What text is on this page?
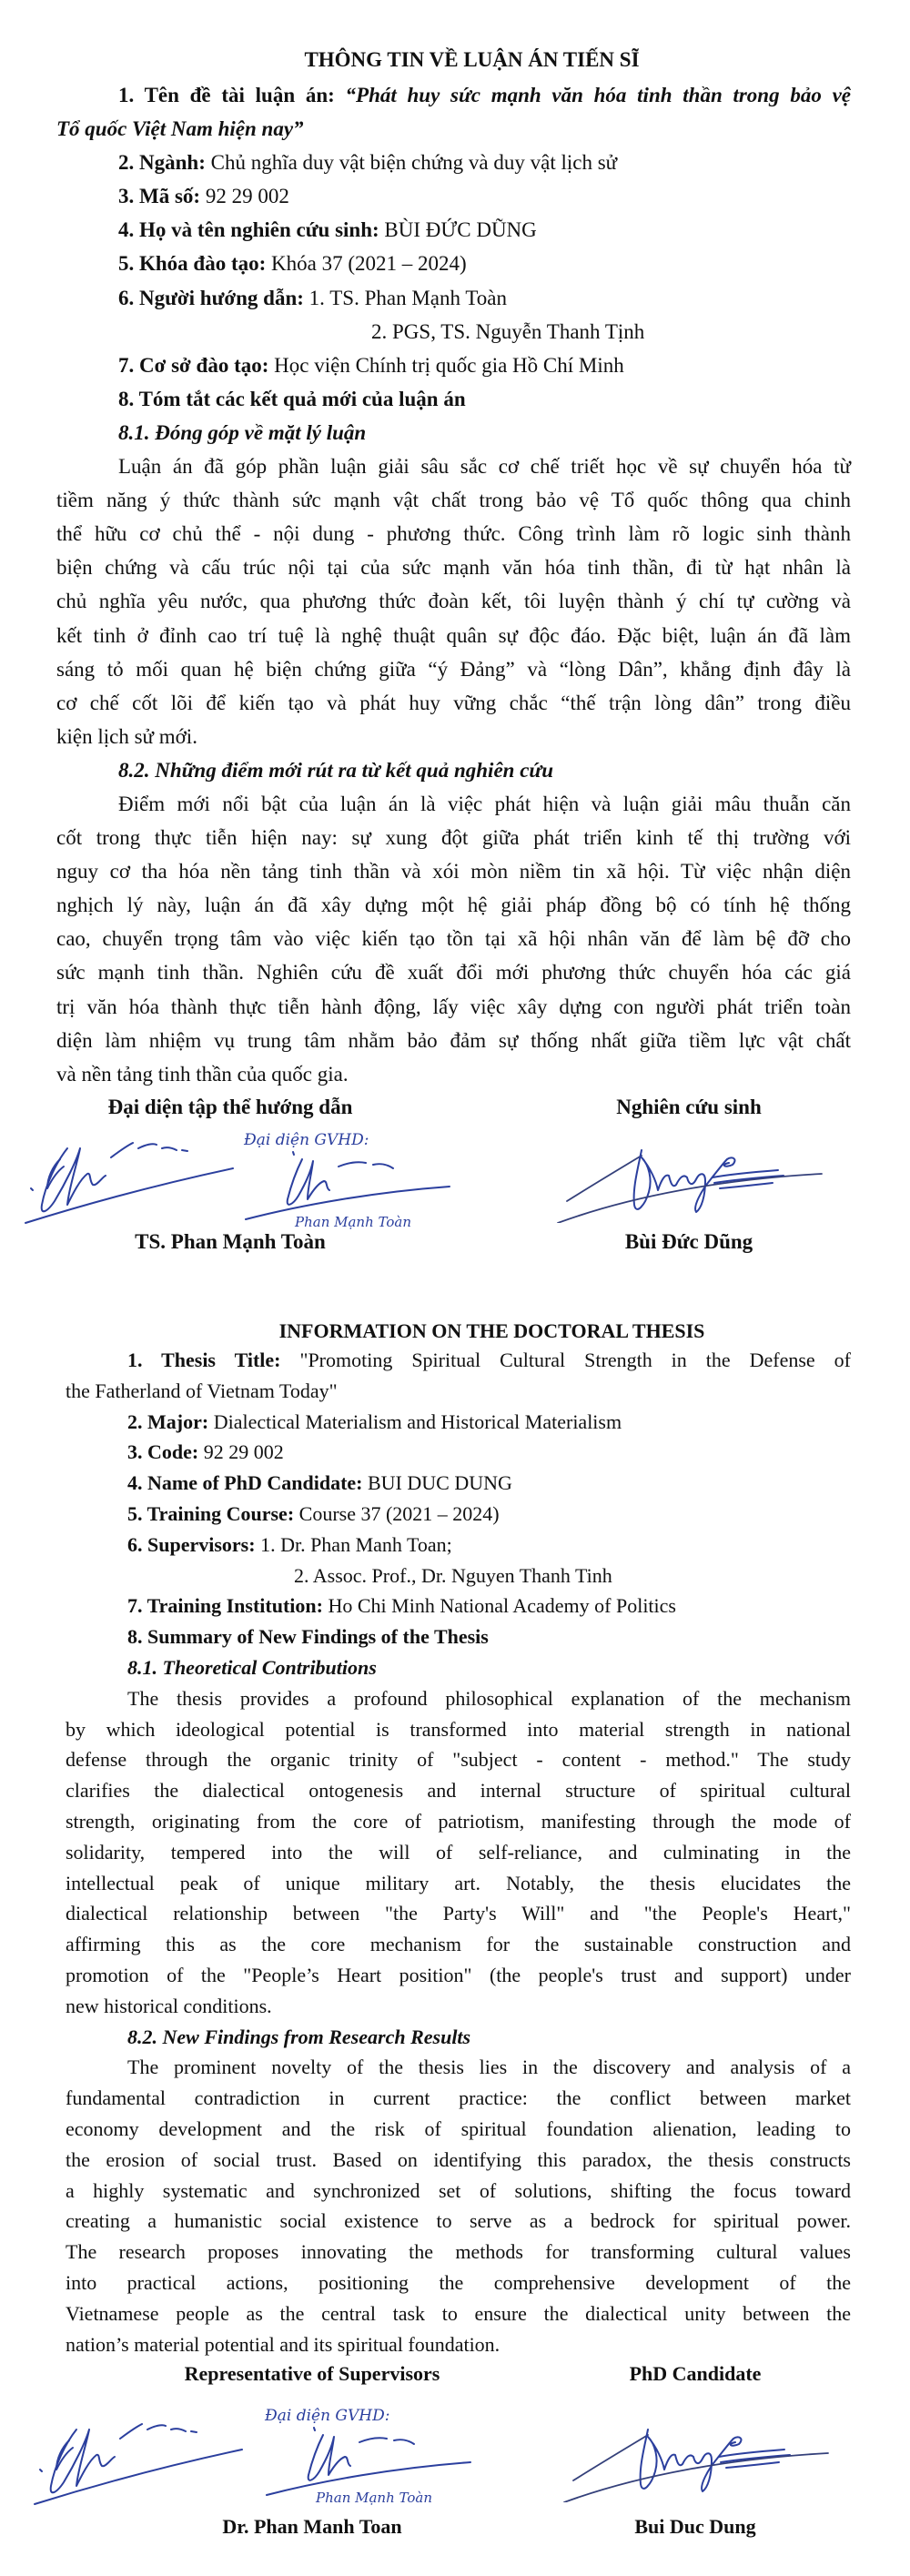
THÔNG TIN VỀ LUẬN ÁN TIẾN SĨ
1. Tên đề tài luận án: “Phát huy sức mạnh văn hóa tinh thần trong bảo vệ
Tổ quốc Việt Nam hiện nay”
2. Ngành: Chủ nghĩa duy vật biện chứng và duy vật lịch sử
3. Mã số: 92 29 002
4. Họ và tên nghiên cứu sinh: BÙI ĐỨC DŨNG
5. Khóa đào tạo: Khóa 37 (2021 – 2024)
6. Người hướng dẫn: 1. TS. Phan Mạnh Toàn
2. PGS, TS. Nguyễn Thanh Tịnh
7. Cơ sở đào tạo: Học viện Chính trị quốc gia Hồ Chí Minh
8. Tóm tắt các kết quả mới của luận án
8.1. Đóng góp về mặt lý luận
Luận án đã góp phần luận giải sâu sắc cơ chế triết học về sự chuyển hóa từ
tiềm năng ý thức thành sức mạnh vật chất trong bảo vệ Tổ quốc thông qua chinh
thể hữu cơ chủ thể - nội dung - phương thức. Công trình làm rõ logic sinh thành
biện chứng và cấu trúc nội tại của sức mạnh văn hóa tinh thần, đi từ hạt nhân là
chủ nghĩa yêu nước, qua phương thức đoàn kết, tôi luyện thành ý chí tự cường và
kết tinh ở đỉnh cao trí tuệ là nghệ thuật quân sự độc đáo. Đặc biệt, luận án đã làm
sáng tỏ mối quan hệ biện chứng giữa “ý Đảng” và “lòng Dân”, khẳng định đây là
cơ chế cốt lõi để kiến tạo và phát huy vững chắc “thế trận lòng dân” trong điều
kiện lịch sử mới.
8.2. Những điểm mới rút ra từ kết quả nghiên cứu
Điểm mới nổi bật của luận án là việc phát hiện và luận giải mâu thuẫn căn
cốt trong thực tiễn hiện nay: sự xung đột giữa phát triển kinh tế thị trường với
nguy cơ tha hóa nền tảng tinh thần và xói mòn niềm tin xã hội. Từ việc nhận diện
nghịch lý này, luận án đã xây dựng một hệ giải pháp đồng bộ có tính hệ thống
cao, chuyển trọng tâm vào việc kiến tạo tồn tại xã hội nhân văn để làm bệ đỡ cho
sức mạnh tinh thần. Nghiên cứu đề xuất đổi mới phương thức chuyển hóa các giá
trị văn hóa thành thực tiễn hành động, lấy việc xây dựng con người phát triển toàn
diện làm nhiệm vụ trung tâm nhằm bảo đảm sự thống nhất giữa tiềm lực vật chất
và nền tảng tinh thần của quốc gia.
Đại diện tập thể hướng dẫn	Nghiên cứu sinh
Đại diện GVHD:
Phan Mạnh Toàn
TS. Phan Mạnh Toàn	Bùi Đức Dũng
INFORMATION ON THE DOCTORAL THESIS
1. Thesis Title: "Promoting Spiritual Cultural Strength in the Defense of
the Fatherland of Vietnam Today"
2. Major: Dialectical Materialism and Historical Materialism
3. Code: 92 29 002
4. Name of PhD Candidate: BUI DUC DUNG
5. Training Course: Course 37 (2021 – 2024)
6. Supervisors: 1. Dr. Phan Manh Toan;
2. Assoc. Prof., Dr. Nguyen Thanh Tinh
7. Training Institution: Ho Chi Minh National Academy of Politics
8. Summary of New Findings of the Thesis
8.1. Theoretical Contributions
The thesis provides a profound philosophical explanation of the mechanism
by which ideological potential is transformed into material strength in national
defense through the organic trinity of "subject - content - method." The study
clarifies the dialectical ontogenesis and internal structure of spiritual cultural
strength, originating from the core of patriotism, manifesting through the mode of
solidarity, tempered into the will of self-reliance, and culminating in the
intellectual peak of unique military art. Notably, the thesis elucidates the
dialectical relationship between "the Party's Will" and "the People's Heart,"
affirming this as the core mechanism for the sustainable construction and
promotion of the "People’s Heart position" (the people's trust and support) under
new historical conditions.
8.2. New Findings from Research Results
The prominent novelty of the thesis lies in the discovery and analysis of a
fundamental contradiction in current practice: the conflict between market
economy development and the risk of spiritual foundation alienation, leading to
the erosion of social trust. Based on identifying this paradox, the thesis constructs
a highly systematic and synchronized set of solutions, shifting the focus toward
creating a humanistic social existence to serve as a bedrock for spiritual power.
The research proposes innovating the methods for transforming cultural values
into practical actions, positioning the comprehensive development of the
Vietnamese people as the central task to ensure the dialectical unity between the
nation’s material potential and its spiritual foundation.
Representative of Supervisors	PhD Candidate
Đại diện GVHD:
Phan Mạnh Toàn
Dr. Phan Manh Toan	Bui Duc Dung
